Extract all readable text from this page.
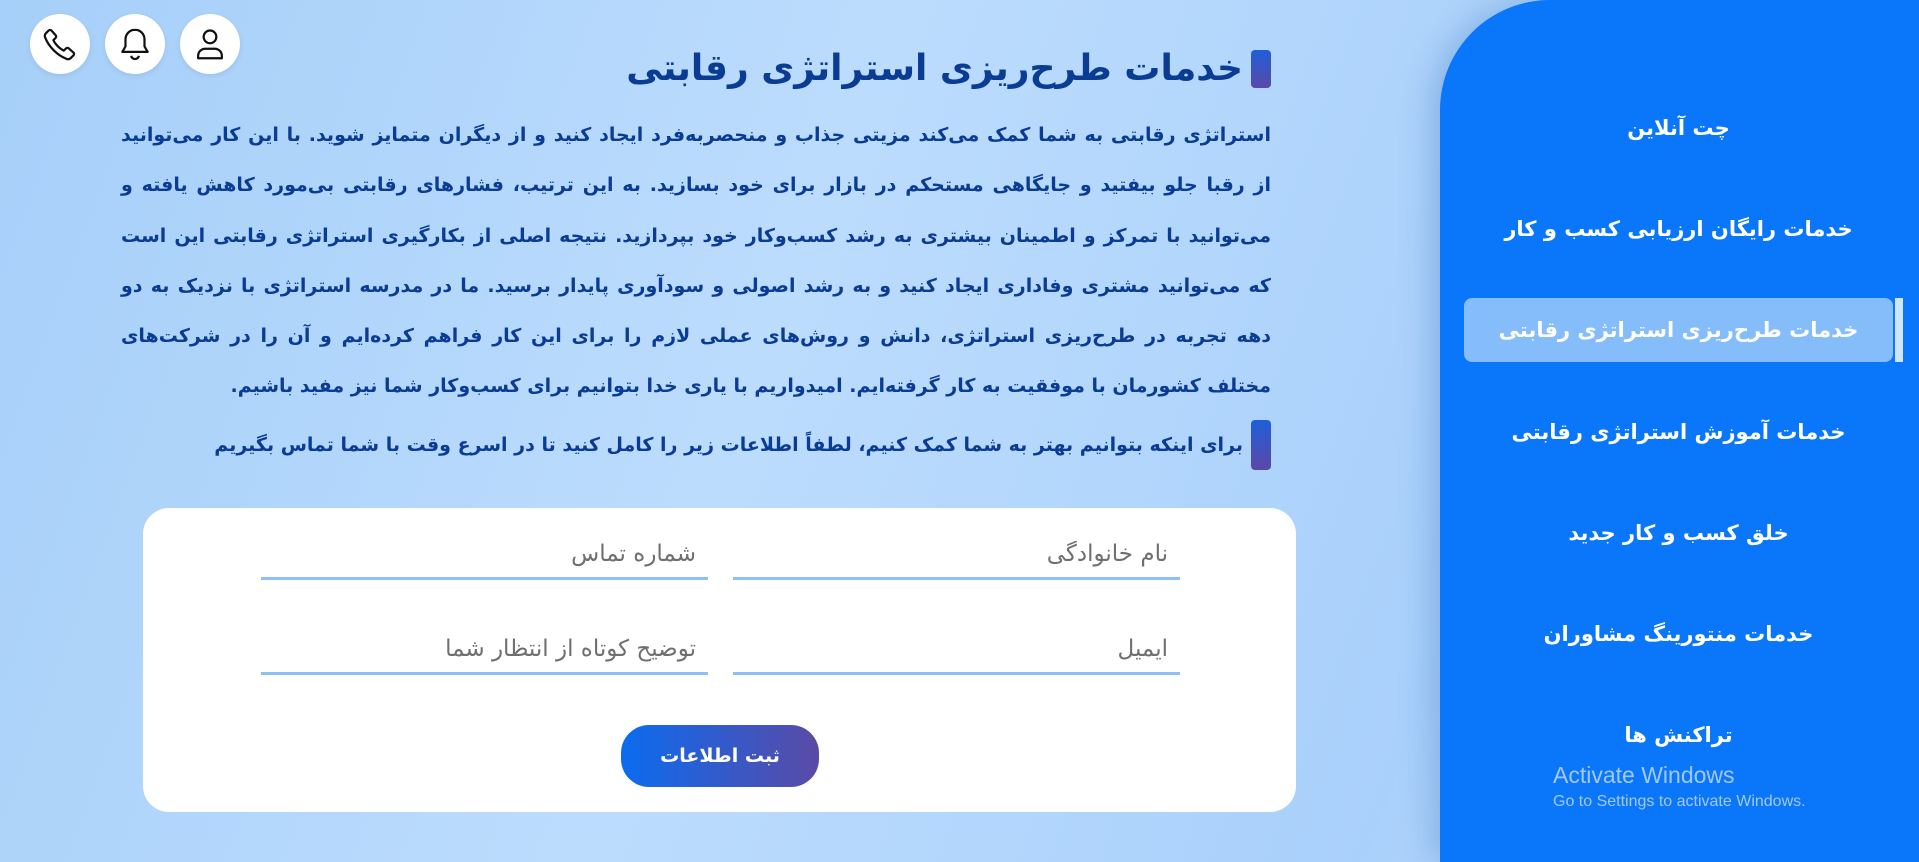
چت آنلاین
خدمات رایگان ارزیابی کسب و کار
خدمات طرح‌ریزی استراتژی رقابتی
خدمات آموزش استراتژی رقابتی
خلق کسب و کار جدید
خدمات منتورینگ مشاوران
تراکنش ها
Activate Windows
Go to Settings to activate Windows.
خدمات طرح‌ریزی استراتژی رقابتی

استراتژی رقابتی به شما کمک می‌کند مزیتی جذاب و منحصربه‌فرد ایجاد کنید و از دیگران متمایز شوید. با این کار می‌توانید از رقبا جلو بیفتید و جایگاهی مستحکم در بازار برای خود بسازید. به این ترتیب، فشارهای رقابتی بی‌مورد کاهش یافته و می‌توانید با تمرکز و اطمینان بیشتری به رشد کسب‌وکار خود بپردازید. نتیجه اصلی از بکارگیری استراتژی رقابتی این است که می‌توانید مشتری وفاداری ایجاد کنید و به رشد اصولی و سودآوری پایدار برسید. ما در مدرسه استراتژی با نزدیک به دو دهه تجربه در طرح‌ریزی استراتژی، دانش و روش‌های عملی لازم را برای این کار فراهم کرده‌ایم و آن را در شرکت‌های مختلف کشورمان با موفقیت به کار گرفته‌ایم. امیدواریم با یاری خدا بتوانیم برای کسب‌وکار شما نیز مفید باشیم.

برای اینکه بتوانیم بهتر به شما کمک کنیم، لطفاً اطلاعات زیر را کامل کنید تا در اسرع وقت با شما تماس بگیریم
نام خانوادگی
شماره تماس
ایمیل
توضیح کوتاه از انتظار شما
ثبت اطلاعات
